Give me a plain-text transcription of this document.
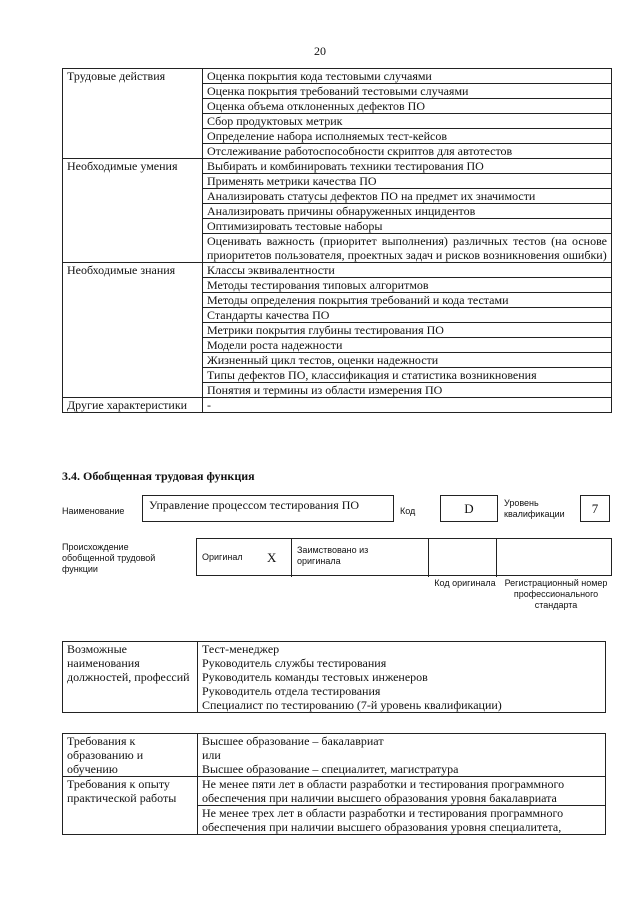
20
Трудовые действия	Оценка покрытия кода тестовыми случаями
	Оценка покрытия требований тестовыми случаями
	Оценка объема отклоненных дефектов ПО
	Сбор продуктовых метрик
	Определение набора исполняемых тест-кейсов
	Отслеживание работоспособности скриптов для автотестов
Необходимые умения	Выбирать и комбинировать техники тестирования ПО
	Применять метрики качества ПО
	Анализировать статусы дефектов ПО на предмет их значимости
	Анализировать причины обнаруженных инцидентов
	Оптимизировать тестовые наборы
	Оценивать важность (приоритет выполнения) различных тестов (на основе приоритетов пользователя, проектных задач и рисков возникновения ошибки)
Необходимые знания	Классы эквивалентности
	Методы тестирования типовых алгоритмов
	Методы определения покрытия требований и кода тестами
	Стандарты качества ПО
	Метрики покрытия глубины тестирования ПО
	Модели роста надежности
	Жизненный цикл тестов, оценки надежности
	Типы дефектов ПО, классификация и статистика возникновения
	Понятия и термины из области измерения ПО
Другие характеристики	-
3.4. Обобщенная трудовая функция
Наименование	Управление процессом тестирования ПО	Код	D	Уровень квалификации	7
Происхождение обобщенной трудовой функции
Оригинал X Заимствовано из оригинала
Код оригинала Регистрационный номер профессионального стандарта
Возможные наименования должностей, профессий	Тест-менеджер
Руководитель службы тестирования
Руководитель команды тестовых инженеров
Руководитель отдела тестирования
Специалист по тестированию (7-й уровень квалификации)
Требования к образованию и обучению	Высшее образование – бакалавриат
	или
	Высшее образование – специалитет, магистратура
Требования к опыту практической работы	Не менее пяти лет в области разработки и тестирования программного обеспечения при наличии высшего образования уровня бакалавриата
	Не менее трех лет в области разработки и тестирования программного обеспечения при наличии высшего образования уровня специалитета,
